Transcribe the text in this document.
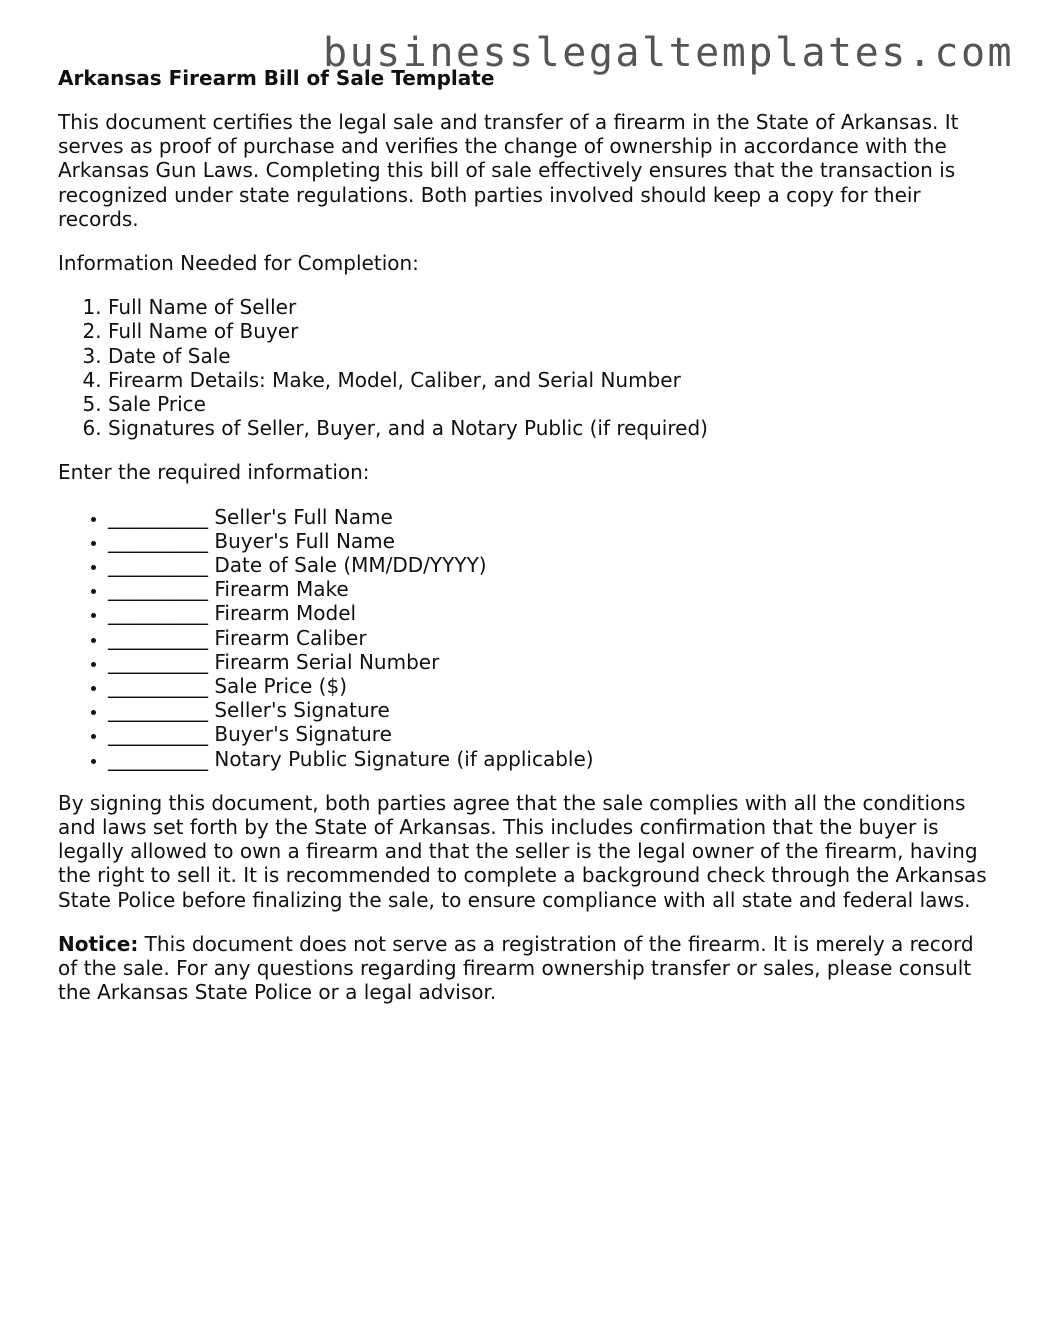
businesslegaltemplates.com
Arkansas Firearm Bill of Sale Template

This document certifies the legal sale and transfer of a firearm in the State of Arkansas. It serves as proof of purchase and verifies the change of ownership in accordance with the Arkansas Gun Laws. Completing this bill of sale effectively ensures that the transaction is recognized under state regulations. Both parties involved should keep a copy for their records.

Information Needed for Completion:

1. Full Name of Seller
2. Full Name of Buyer
3. Date of Sale
4. Firearm Details: Make, Model, Caliber, and Serial Number
5. Sale Price
6. Signatures of Seller, Buyer, and a Notary Public (if required)

Enter the required information:

• __________ Seller's Full Name
• __________ Buyer's Full Name
• __________ Date of Sale (MM/DD/YYYY)
• __________ Firearm Make
• __________ Firearm Model
• __________ Firearm Caliber
• __________ Firearm Serial Number
• __________ Sale Price ($)
• __________ Seller's Signature
• __________ Buyer's Signature
• __________ Notary Public Signature (if applicable)

By signing this document, both parties agree that the sale complies with all the conditions and laws set forth by the State of Arkansas. This includes confirmation that the buyer is legally allowed to own a firearm and that the seller is the legal owner of the firearm, having the right to sell it. It is recommended to complete a background check through the Arkansas State Police before finalizing the sale, to ensure compliance with all state and federal laws.

Notice: This document does not serve as a registration of the firearm. It is merely a record of the sale. For any questions regarding firearm ownership transfer or sales, please consult the Arkansas State Police or a legal advisor.
